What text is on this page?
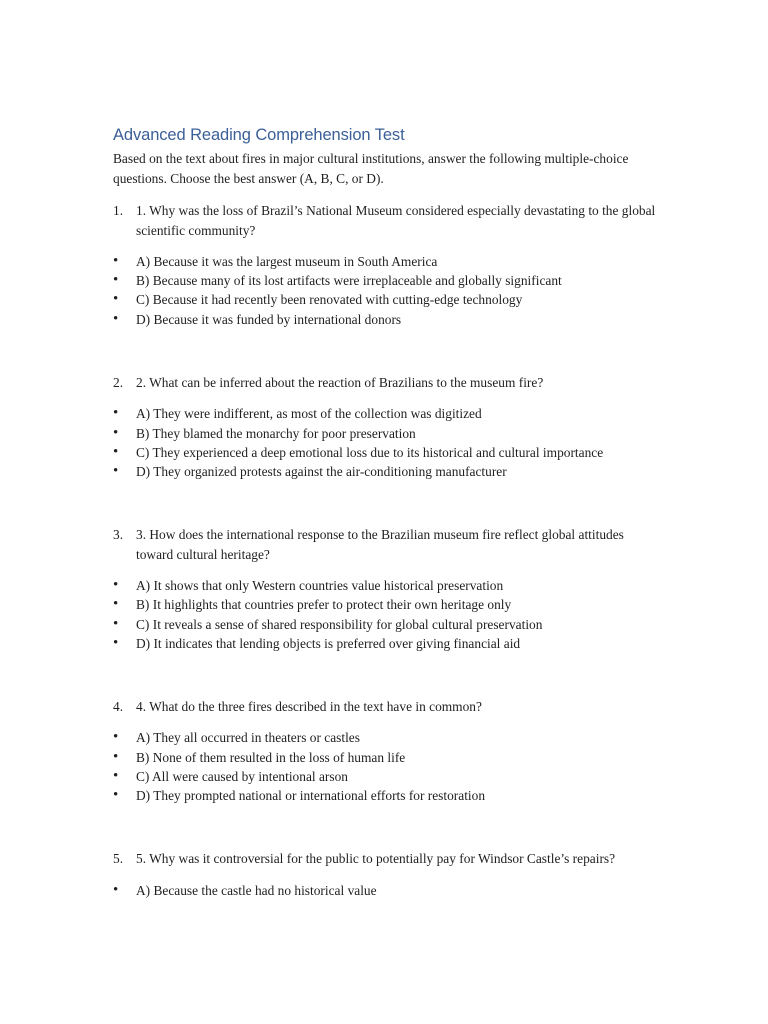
Advanced Reading Comprehension Test

Based on the text about fires in major cultural institutions, answer the following multiple-choice questions. Choose the best answer (A, B, C, or D).

1. 1. Why was the loss of Brazil’s National Museum considered especially devastating to the global scientific community?
• A) Because it was the largest museum in South America
• B) Because many of its lost artifacts were irreplaceable and globally significant
• C) Because it had recently been renovated with cutting-edge technology
• D) Because it was funded by international donors
2. 2. What can be inferred about the reaction of Brazilians to the museum fire?
• A) They were indifferent, as most of the collection was digitized
• B) They blamed the monarchy for poor preservation
• C) They experienced a deep emotional loss due to its historical and cultural importance
• D) They organized protests against the air-conditioning manufacturer
3. 3. How does the international response to the Brazilian museum fire reflect global attitudes toward cultural heritage?
• A) It shows that only Western countries value historical preservation
• B) It highlights that countries prefer to protect their own heritage only
• C) It reveals a sense of shared responsibility for global cultural preservation
• D) It indicates that lending objects is preferred over giving financial aid
4. 4. What do the three fires described in the text have in common?
• A) They all occurred in theaters or castles
• B) None of them resulted in the loss of human life
• C) All were caused by intentional arson
• D) They prompted national or international efforts for restoration
5. 5. Why was it controversial for the public to potentially pay for Windsor Castle’s repairs?
• A) Because the castle had no historical value
